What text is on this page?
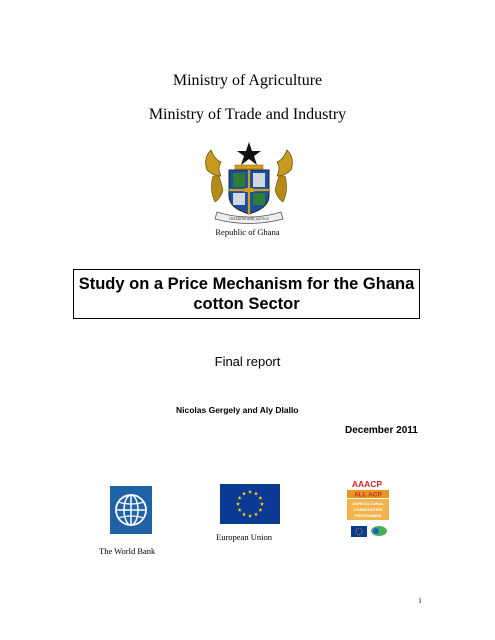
Ministry of Agriculture
Ministry of Trade and Industry
FREEDOM AND JUSTICE
Republic of Ghana
Study on a Price Mechanism for the Ghana
cotton Sector
Final report
Nicolas Gergely and Aly DIallo
December 2011
The World Bank
European Union
AAACP
ALL ACP
AGRICULTURAL
COMMODITIES
PROGRAMME
i
